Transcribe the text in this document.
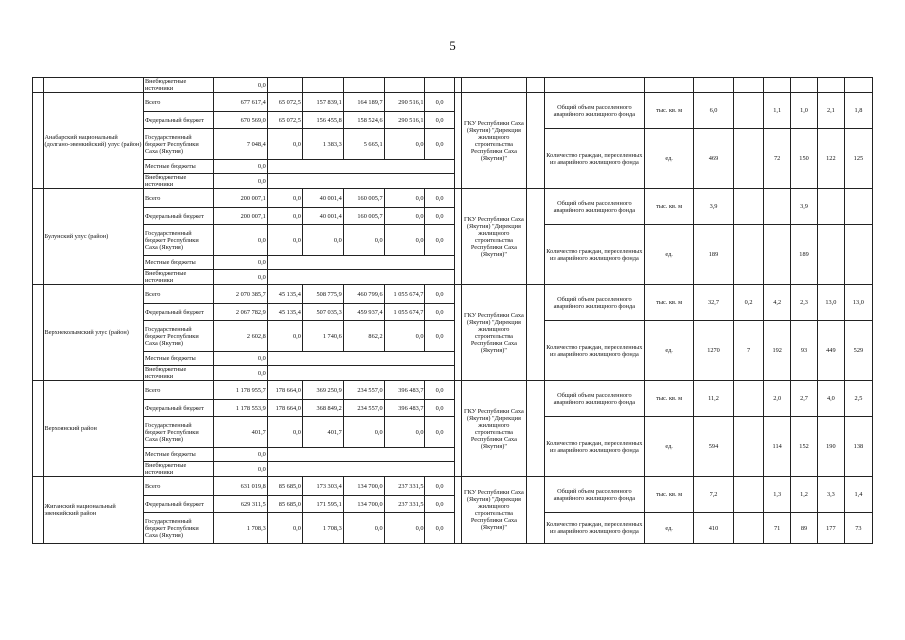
5
		Внебюджетные источники	0,0																
	Анабарский национальный (долгано-эвенкийский) улус (район)	Всего	677 617,4	65 072,5	157 839,1	164 189,7	290 516,1	0,0		ГКУ Республики Саха (Якутия) "Дирекция жилищного строительства Республики Саха (Якутия)"		Общий объем расселенного аварийного жилищного фонда	тыс. кв. м	6,0		1,1	1,0	2,1	1,8
		Федеральный бюджет	670 569,0	65 072,5	156 455,8	158 524,6	290 516,1	0,0											
		Государственный бюджет Республики Саха (Якутия)	7 048,4	0,0	1 383,3	5 665,1	0,0	0,0				Количество граждан, переселенных из аварийного жилищного фонда	ед.	469		72	150	122	125
		Местные бюджеты	0,0																
		Внебюджетные источники	0,0																
	Булунский улус (район)	Всего	200 007,1	0,0	40 001,4	160 005,7	0,0	0,0		ГКУ Республики Саха (Якутия) "Дирекция жилищного строительства Республики Саха (Якутия)"		Общий объем расселенного аварийного жилищного фонда	тыс. кв. м	3,9			3,9		
		Федеральный бюджет	200 007,1	0,0	40 001,4	160 005,7	0,0	0,0											
		Государственный бюджет Республики Саха (Якутия)	0,0	0,0	0,0	0,0	0,0	0,0				Количество граждан, переселенных из аварийного жилищного фонда	ед.	189			189		
		Местные бюджеты	0,0																
		Внебюджетные источники	0,0																
	Верхнеколымский улус (район)	Всего	2 070 385,7	45 135,4	508 775,9	460 799,6	1 055 674,7	0,0		ГКУ Республики Саха (Якутия) "Дирекция жилищного строительства Республики Саха (Якутия)"		Общий объем расселенного аварийного жилищного фонда	тыс. кв. м	32,7	0,2	4,2	2,3	13,0	13,0
		Федеральный бюджет	2 067 782,9	45 135,4	507 035,3	459 937,4	1 055 674,7	0,0											
		Государственный бюджет Республики Саха (Якутия)	2 602,8	0,0	1 740,6	862,2	0,0	0,0				Количество граждан, переселенных из аварийного жилищного фонда	ед.	1270	7	192	93	449	529
		Местные бюджеты	0,0																
		Внебюджетные источники	0,0																
	Верхоянский район	Всего	1 178 955,7	178 664,0	369 250,9	234 557,0	396 483,7	0,0		ГКУ Республики Саха (Якутия) "Дирекция жилищного строительства Республики Саха (Якутия)"		Общий объем расселенного аварийного жилищного фонда	тыс. кв. м	11,2		2,0	2,7	4,0	2,5
		Федеральный бюджет	1 178 553,9	178 664,0	368 849,2	234 557,0	396 483,7	0,0											
		Государственный бюджет Республики Саха (Якутия)	401,7	0,0	401,7	0,0	0,0	0,0				Количество граждан, переселенных из аварийного жилищного фонда	ед.	594		114	152	190	138
		Местные бюджеты	0,0																
		Внебюджетные источники	0,0																
	Жиганский национальный эвенкийский район	Всего	631 019,8	85 685,0	173 303,4	134 700,0	237 331,5	0,0		ГКУ Республики Саха (Якутия) "Дирекция жилищного строительства Республики Саха (Якутия)"		Общий объем расселенного аварийного жилищного фонда	тыс. кв. м	7,2		1,3	1,2	3,3	1,4
		Федеральный бюджет	629 311,5	85 685,0	171 595,1	134 700,0	237 331,5	0,0											
		Государственный бюджет Республики Саха (Якутия)	1 708,3	0,0	1 708,3	0,0	0,0	0,0				Количество граждан, переселенных из аварийного жилищного фонда	ед.	410		71	89	177	73
